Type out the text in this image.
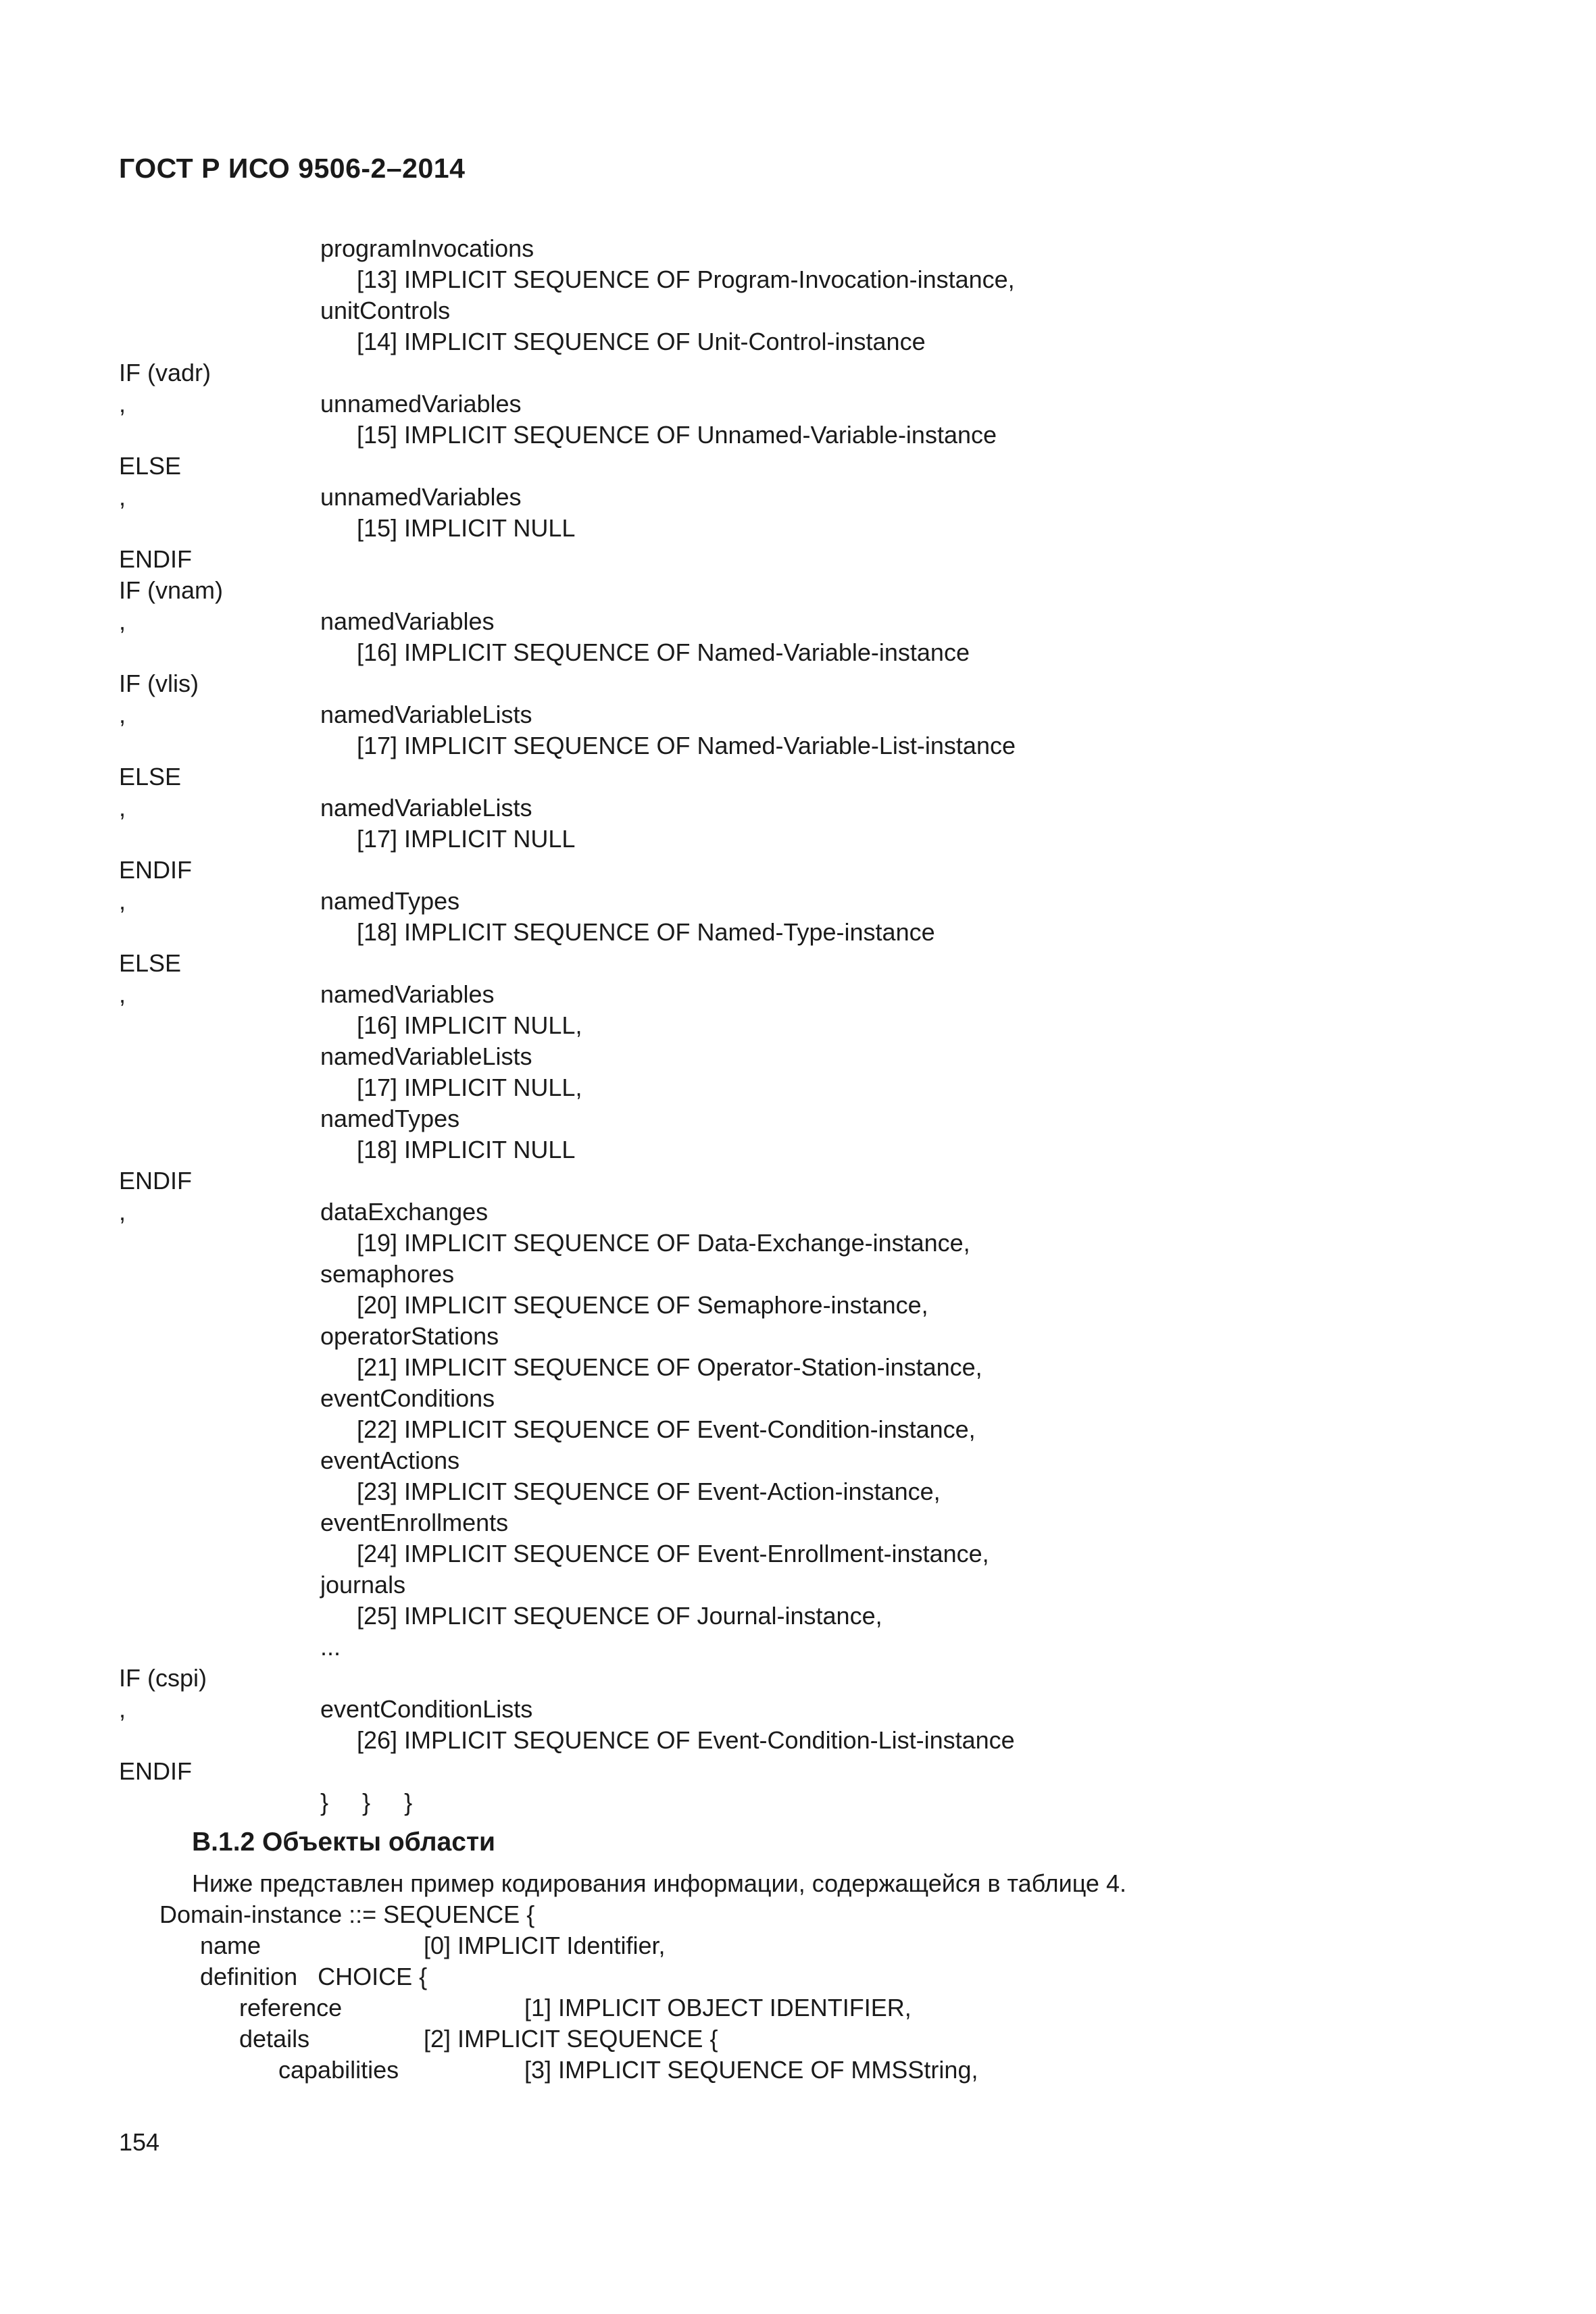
ГОСТ Р ИСО 9506-2–2014
programInvocations
[13] IMPLICIT SEQUENCE OF Program-Invocation-instance,
unitControls
[14] IMPLICIT SEQUENCE OF Unit-Control-instance
IF (vadr)
,	unnamedVariables
[15] IMPLICIT SEQUENCE OF Unnamed-Variable-instance
ELSE
,	unnamedVariables
[15] IMPLICIT NULL
ENDIF
IF (vnam)
,	namedVariables
[16] IMPLICIT SEQUENCE OF Named-Variable-instance
IF (vlis)
,	namedVariableLists
[17] IMPLICIT SEQUENCE OF Named-Variable-List-instance
ELSE
,	namedVariableLists
[17] IMPLICIT NULL
ENDIF
,	namedTypes
[18] IMPLICIT SEQUENCE OF Named-Type-instance
ELSE
,	namedVariables
[16] IMPLICIT NULL,
namedVariableLists
[17] IMPLICIT NULL,
namedTypes
[18] IMPLICIT NULL
ENDIF
,	dataExchanges
[19] IMPLICIT SEQUENCE OF Data-Exchange-instance,
semaphores
[20] IMPLICIT SEQUENCE OF Semaphore-instance,
operatorStations
[21] IMPLICIT SEQUENCE OF Operator-Station-instance,
eventConditions
[22] IMPLICIT SEQUENCE OF Event-Condition-instance,
eventActions
[23] IMPLICIT SEQUENCE OF Event-Action-instance,
eventEnrollments
[24] IMPLICIT SEQUENCE OF Event-Enrollment-instance,
journals
[25] IMPLICIT SEQUENCE OF Journal-instance,
...
IF (cspi)
,	eventConditionLists
[26] IMPLICIT SEQUENCE OF Event-Condition-List-instance
ENDIF
}     }     }
B.1.2 Объекты области
Ниже представлен пример кодирования информации, содержащейся в таблице 4.
Domain-instance ::= SEQUENCE {
name	[0] IMPLICIT Identifier,
definition   CHOICE {
reference	[1] IMPLICIT OBJECT IDENTIFIER,
details	[2] IMPLICIT SEQUENCE {
capabilities	[3] IMPLICIT SEQUENCE OF MMSString,
154
